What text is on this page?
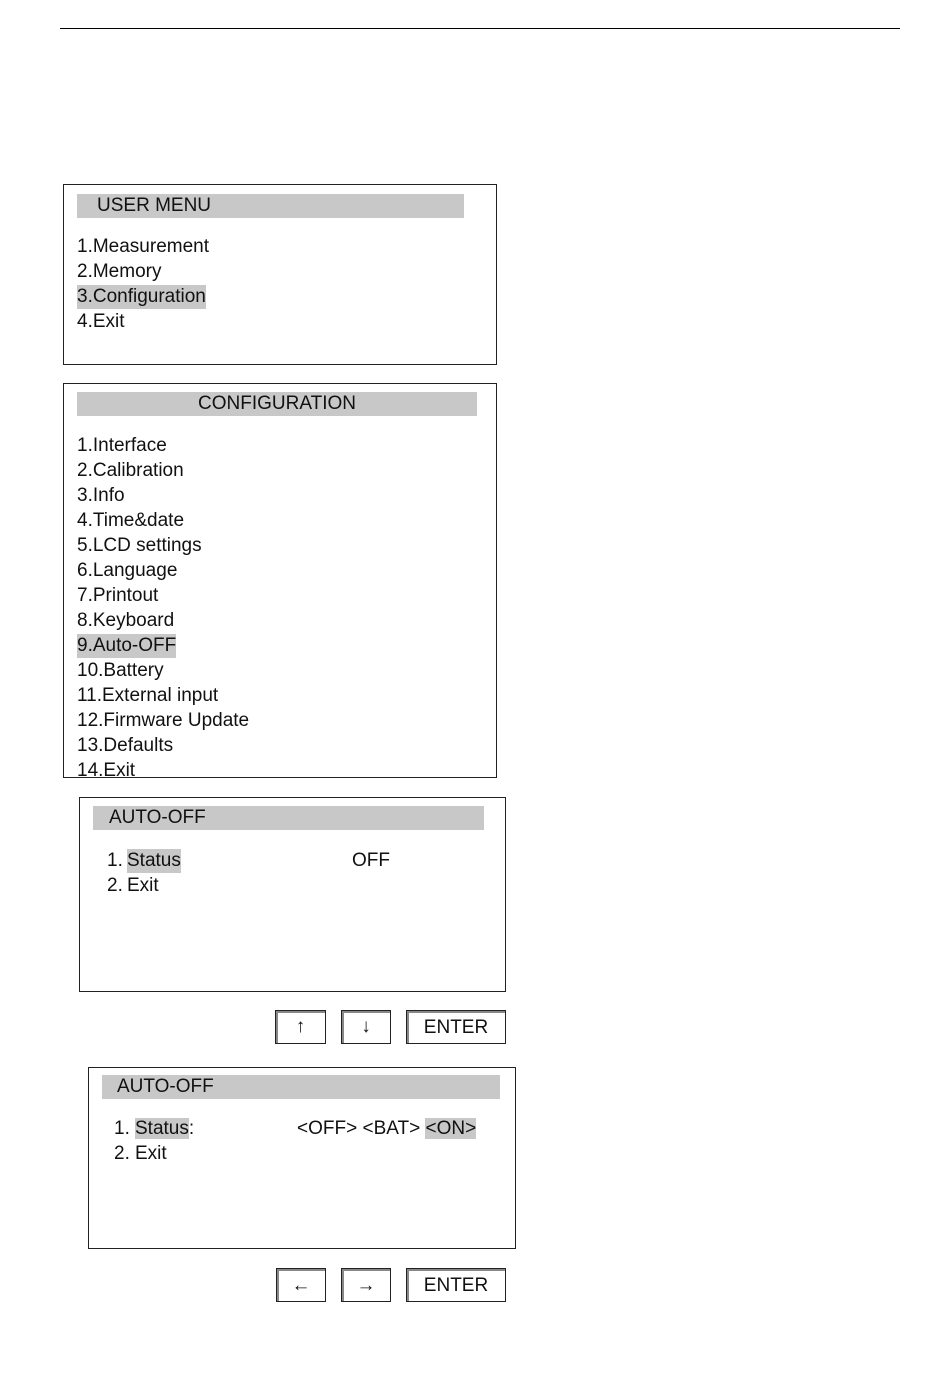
USER MENU
1.Measurement
2.Memory
3.Configuration
4.Exit
CONFIGURATION
1.Interface
2.Calibration
3.Info
4.Time&date
5.LCD settings
6.Language
7.Printout
8.Keyboard
9.Auto-OFF
10.Battery
11.External input
12.Firmware Update
13.Defaults
14.Exit
AUTO-OFF
1. Status	OFF
2. Exit
↑	↓	ENTER
AUTO-OFF
1. Status:	<OFF> <BAT> <ON>
2. Exit
←	→	ENTER
